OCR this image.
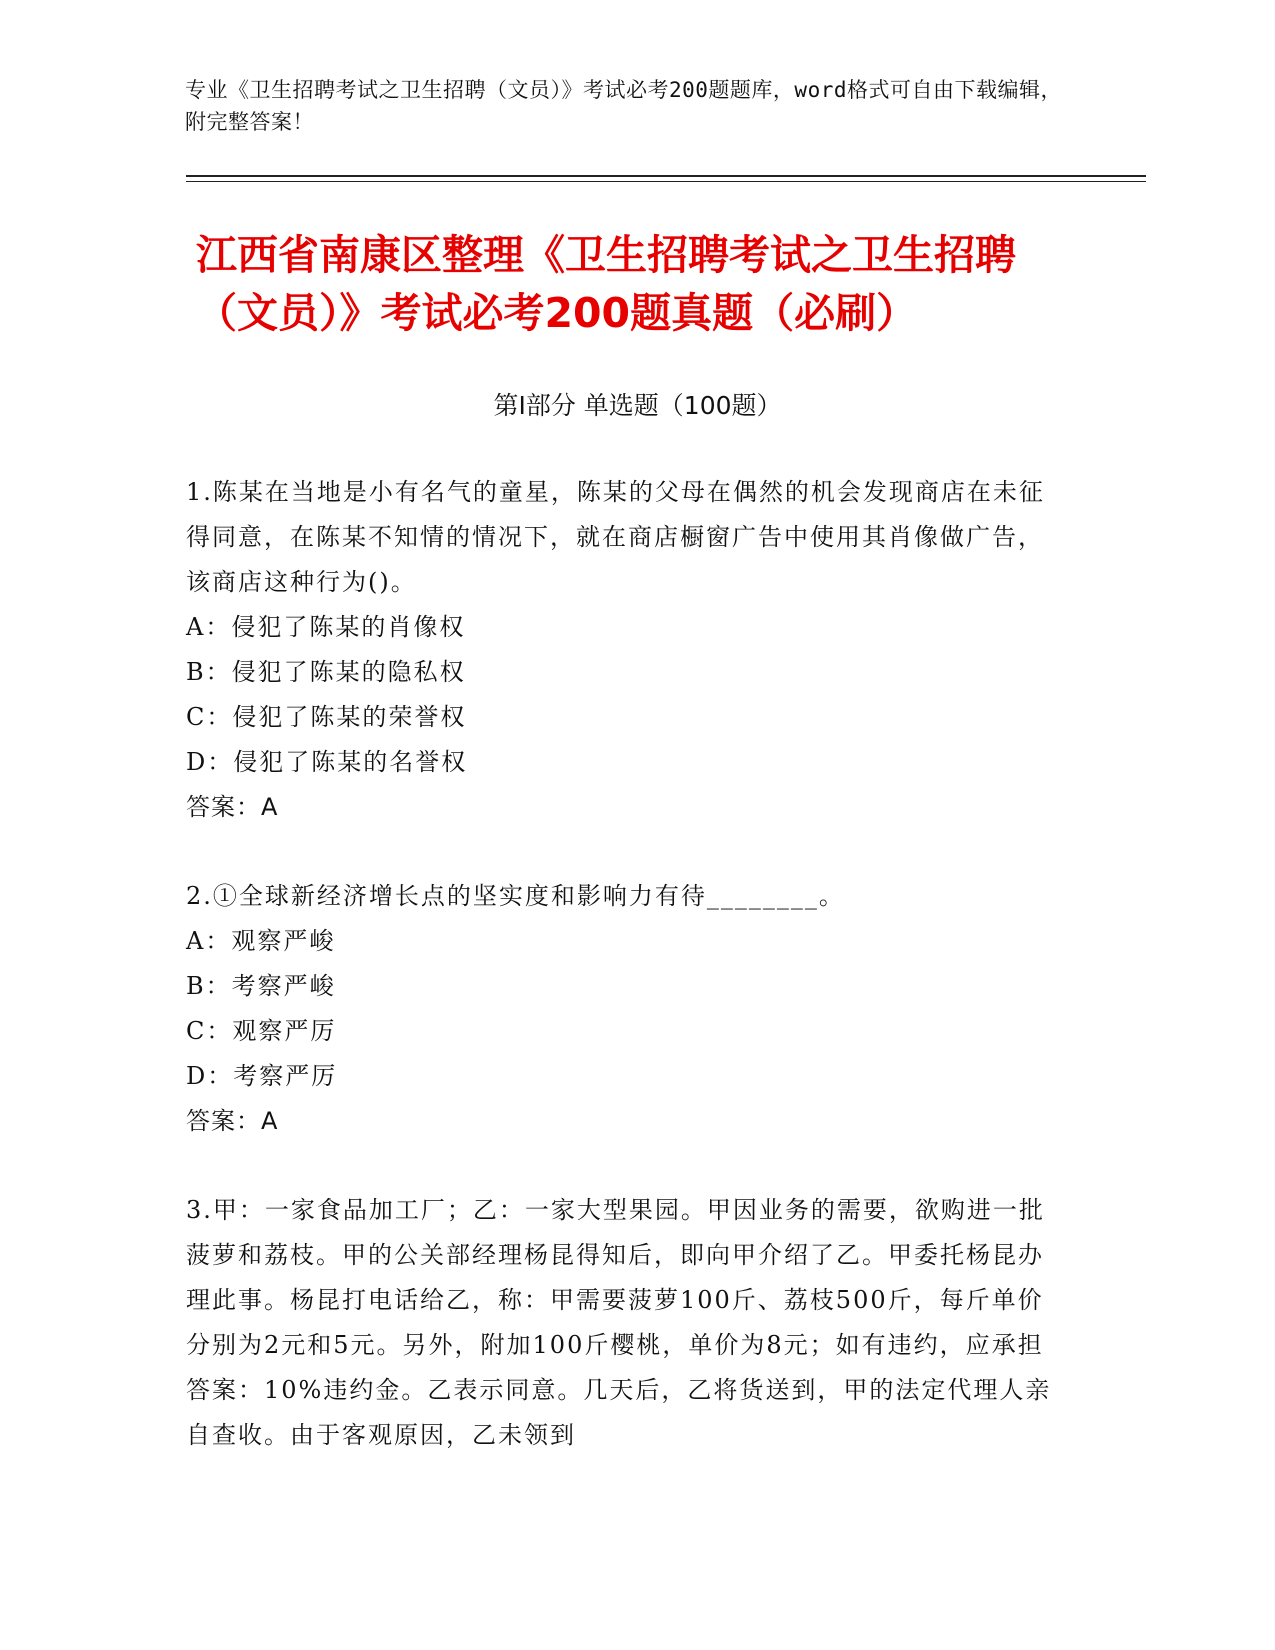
专业《卫生招聘考试之卫生招聘（文员）》考试必考200题题库，word格式可自由下载编辑，附完整答案！
江西省南康区整理《卫生招聘考试之卫生招聘（文员）》考试必考200题真题（必刷）
第Ⅰ部分 单选题（100题）
1.陈某在当地是小有名气的童星，陈某的父母在偶然的机会发现商店在未征得同意，在陈某不知情的情况下，就在商店橱窗广告中使用其肖像做广告，该商店这种行为()。
A：侵犯了陈某的肖像权
B：侵犯了陈某的隐私权
C：侵犯了陈某的荣誉权
D：侵犯了陈某的名誉权
答案：A
2.①全球新经济增长点的坚实度和影响力有待________。
A：观察严峻
B：考察严峻
C：观察严厉
D：考察严厉
答案：A
3.甲：一家食品加工厂；乙：一家大型果园。甲因业务的需要，欲购进一批菠萝和荔枝。甲的公关部经理杨昆得知后，即向甲介绍了乙。甲委托杨昆办理此事。杨昆打电话给乙，称：甲需要菠萝100斤、荔枝500斤，每斤单价分别为2元和5元。另外，附加100斤樱桃，单价为8元；如有违约，应承担答案：10%违约金。乙表示同意。几天后，乙将货送到，甲的法定代理人亲自查收。由于客观原因，乙未领到
